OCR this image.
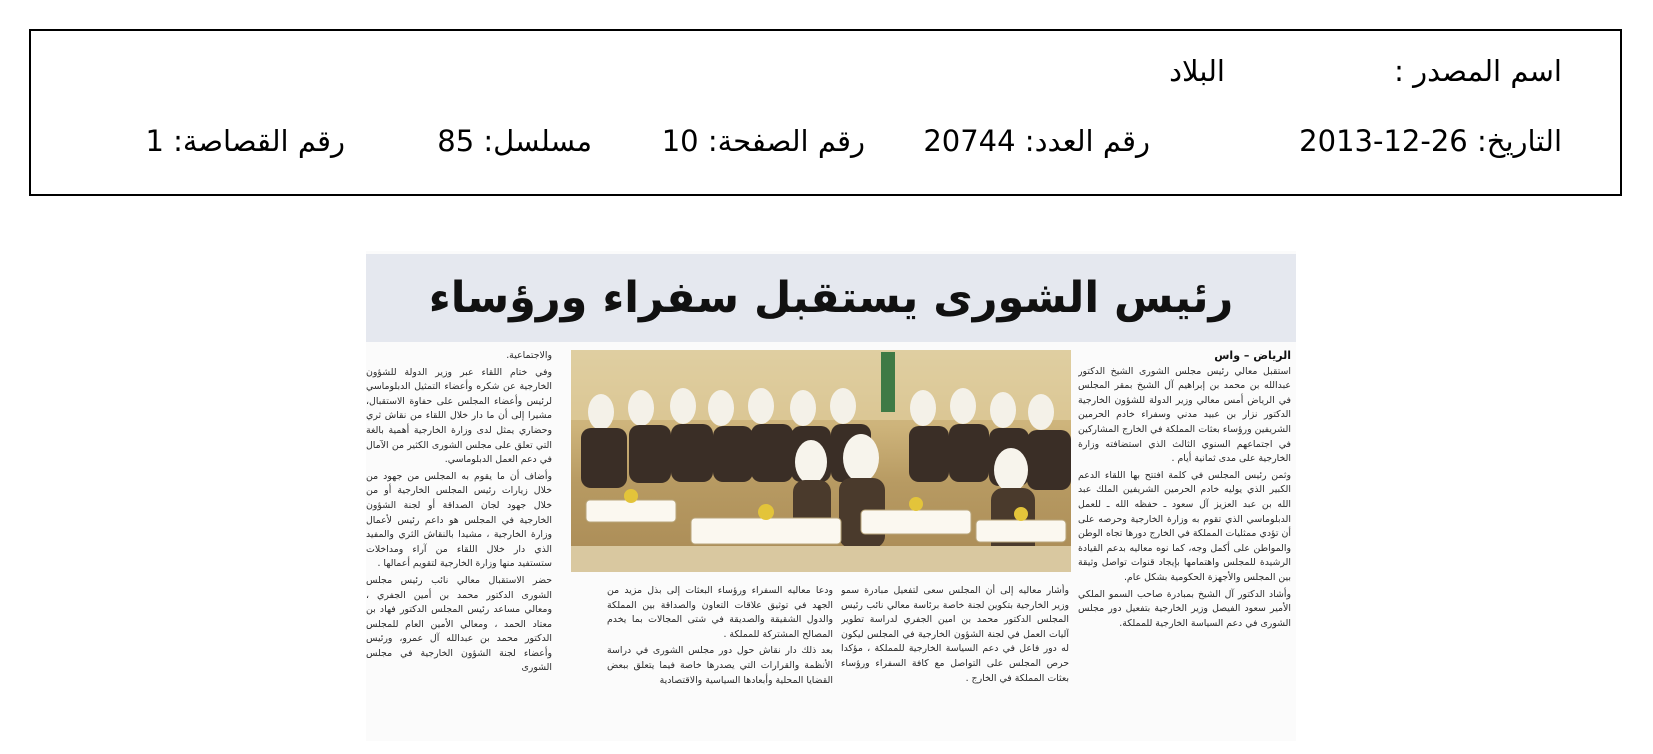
اسم المصدر :
البلاد
التاريخ: 26-12-2013
رقم العدد: 20744
رقم الصفحة: 10
مسلسل: 85
رقم القصاصة: 1
رئيس الشورى يستقبل سفراء ورؤساء
الرياض – واس

استقبل معالي رئيس مجلس الشورى الشيخ الدكتور عبدالله بن محمد بن إبراهيم آل الشيخ بمقر المجلس في الرياض أمس معالي وزير الدولة للشؤون الخارجية الدكتور نزار بن عبيد مدني وسفراء خادم الحرمين الشريفين ورؤساء بعثات المملكة في الخارج المشاركين في اجتماعهم السنوي الثالث الذي استضافته وزارة الخارجية على مدى ثمانية أيام .

وثمن رئيس المجلس في كلمة افتتح بها اللقاء الدعم الكبير الذي يوليه خادم الحرمين الشريفين الملك عبد الله بن عبد العزيز آل سعود ـ حفظه الله ـ للعمل الدبلوماسي الذي تقوم به وزارة الخارجية وحرصه على أن تؤدي ممثليات المملكة في الخارج دورها تجاه الوطن والمواطن على أكمل وجه، كما نوه معاليه بدعم القيادة الرشيدة للمجلس واهتمامها بإيجاد قنوات تواصل وثيقة بين المجلس والأجهزة الحكومية بشكل عام.

وأشاد الدكتور آل الشيخ بمبادرة صاحب السمو الملكي الأمير سعود الفيصل وزير الخارجية بتفعيل دور مجلس الشورى في دعم السياسة الخارجية للمملكة.

وأشار معاليه إلى أن المجلس سعى لتفعيل مبادرة سمو وزير الخارجية بتكوين لجنة خاصة برئاسة معالي نائب رئيس المجلس الدكتور محمد بن امين الجفري لدراسة تطوير آليات العمل في لجنة الشؤون الخارجية في المجلس ليكون له دور فاعل في دعم السياسة الخارجية للمملكة ، مؤكدا حرص المجلس على التواصل مع كافة السفراء ورؤساء بعثات المملكة في الخارج .

ودعا معاليه السفراء ورؤساء البعثات إلى بذل مزيد من الجهد في توثيق علاقات التعاون والصداقة بين المملكة والدول الشقيقة والصديقة في شتى المجالات بما يخدم المصالح المشتركة للمملكة .

بعد ذلك دار نقاش حول دور مجلس الشورى في دراسة الأنظمة والقرارات التي يصدرها خاصة فيما يتعلق ببعض القضايا المحلية وأبعادها السياسية والاقتصادية

والاجتماعية.

وفي ختام اللقاء عبر وزير الدولة للشؤون الخارجية عن شكره وأعضاء التمثيل الدبلوماسي لرئيس وأعضاء المجلس على حفاوة الاستقبال، مشيرا إلى أن ما دار خلال اللقاء من نقاش ثري وحضاري يمثل لدى وزارة الخارجية أهمية بالغة التي تعلق على مجلس الشورى الكثير من الآمال في دعم العمل الدبلوماسي.

وأضاف أن ما يقوم به المجلس من جهود من خلال زيارات رئيس المجلس الخارجية أو من خلال جهود لجان الصداقة أو لجنة الشؤون الخارجية في المجلس هو داعم رئيس لأعمال وزارة الخارجية ، مشيدا بالنقاش الثري والمفيد الذي دار خلال اللقاء من آراء ومداخلات ستستفيد منها وزارة الخارجية لتقويم أعمالها .

حضر الاستقبال معالي نائب رئيس مجلس الشورى الدكتور محمد بن أمين الجفري ، ومعالي مساعد رئيس المجلس الدكتور فهاد بن معتاد الحمد ، ومعالي الأمين العام للمجلس الدكتور محمد بن عبدالله آل عمرو، ورئيس وأعضاء لجنة الشؤون الخارجية في مجلس الشورى
